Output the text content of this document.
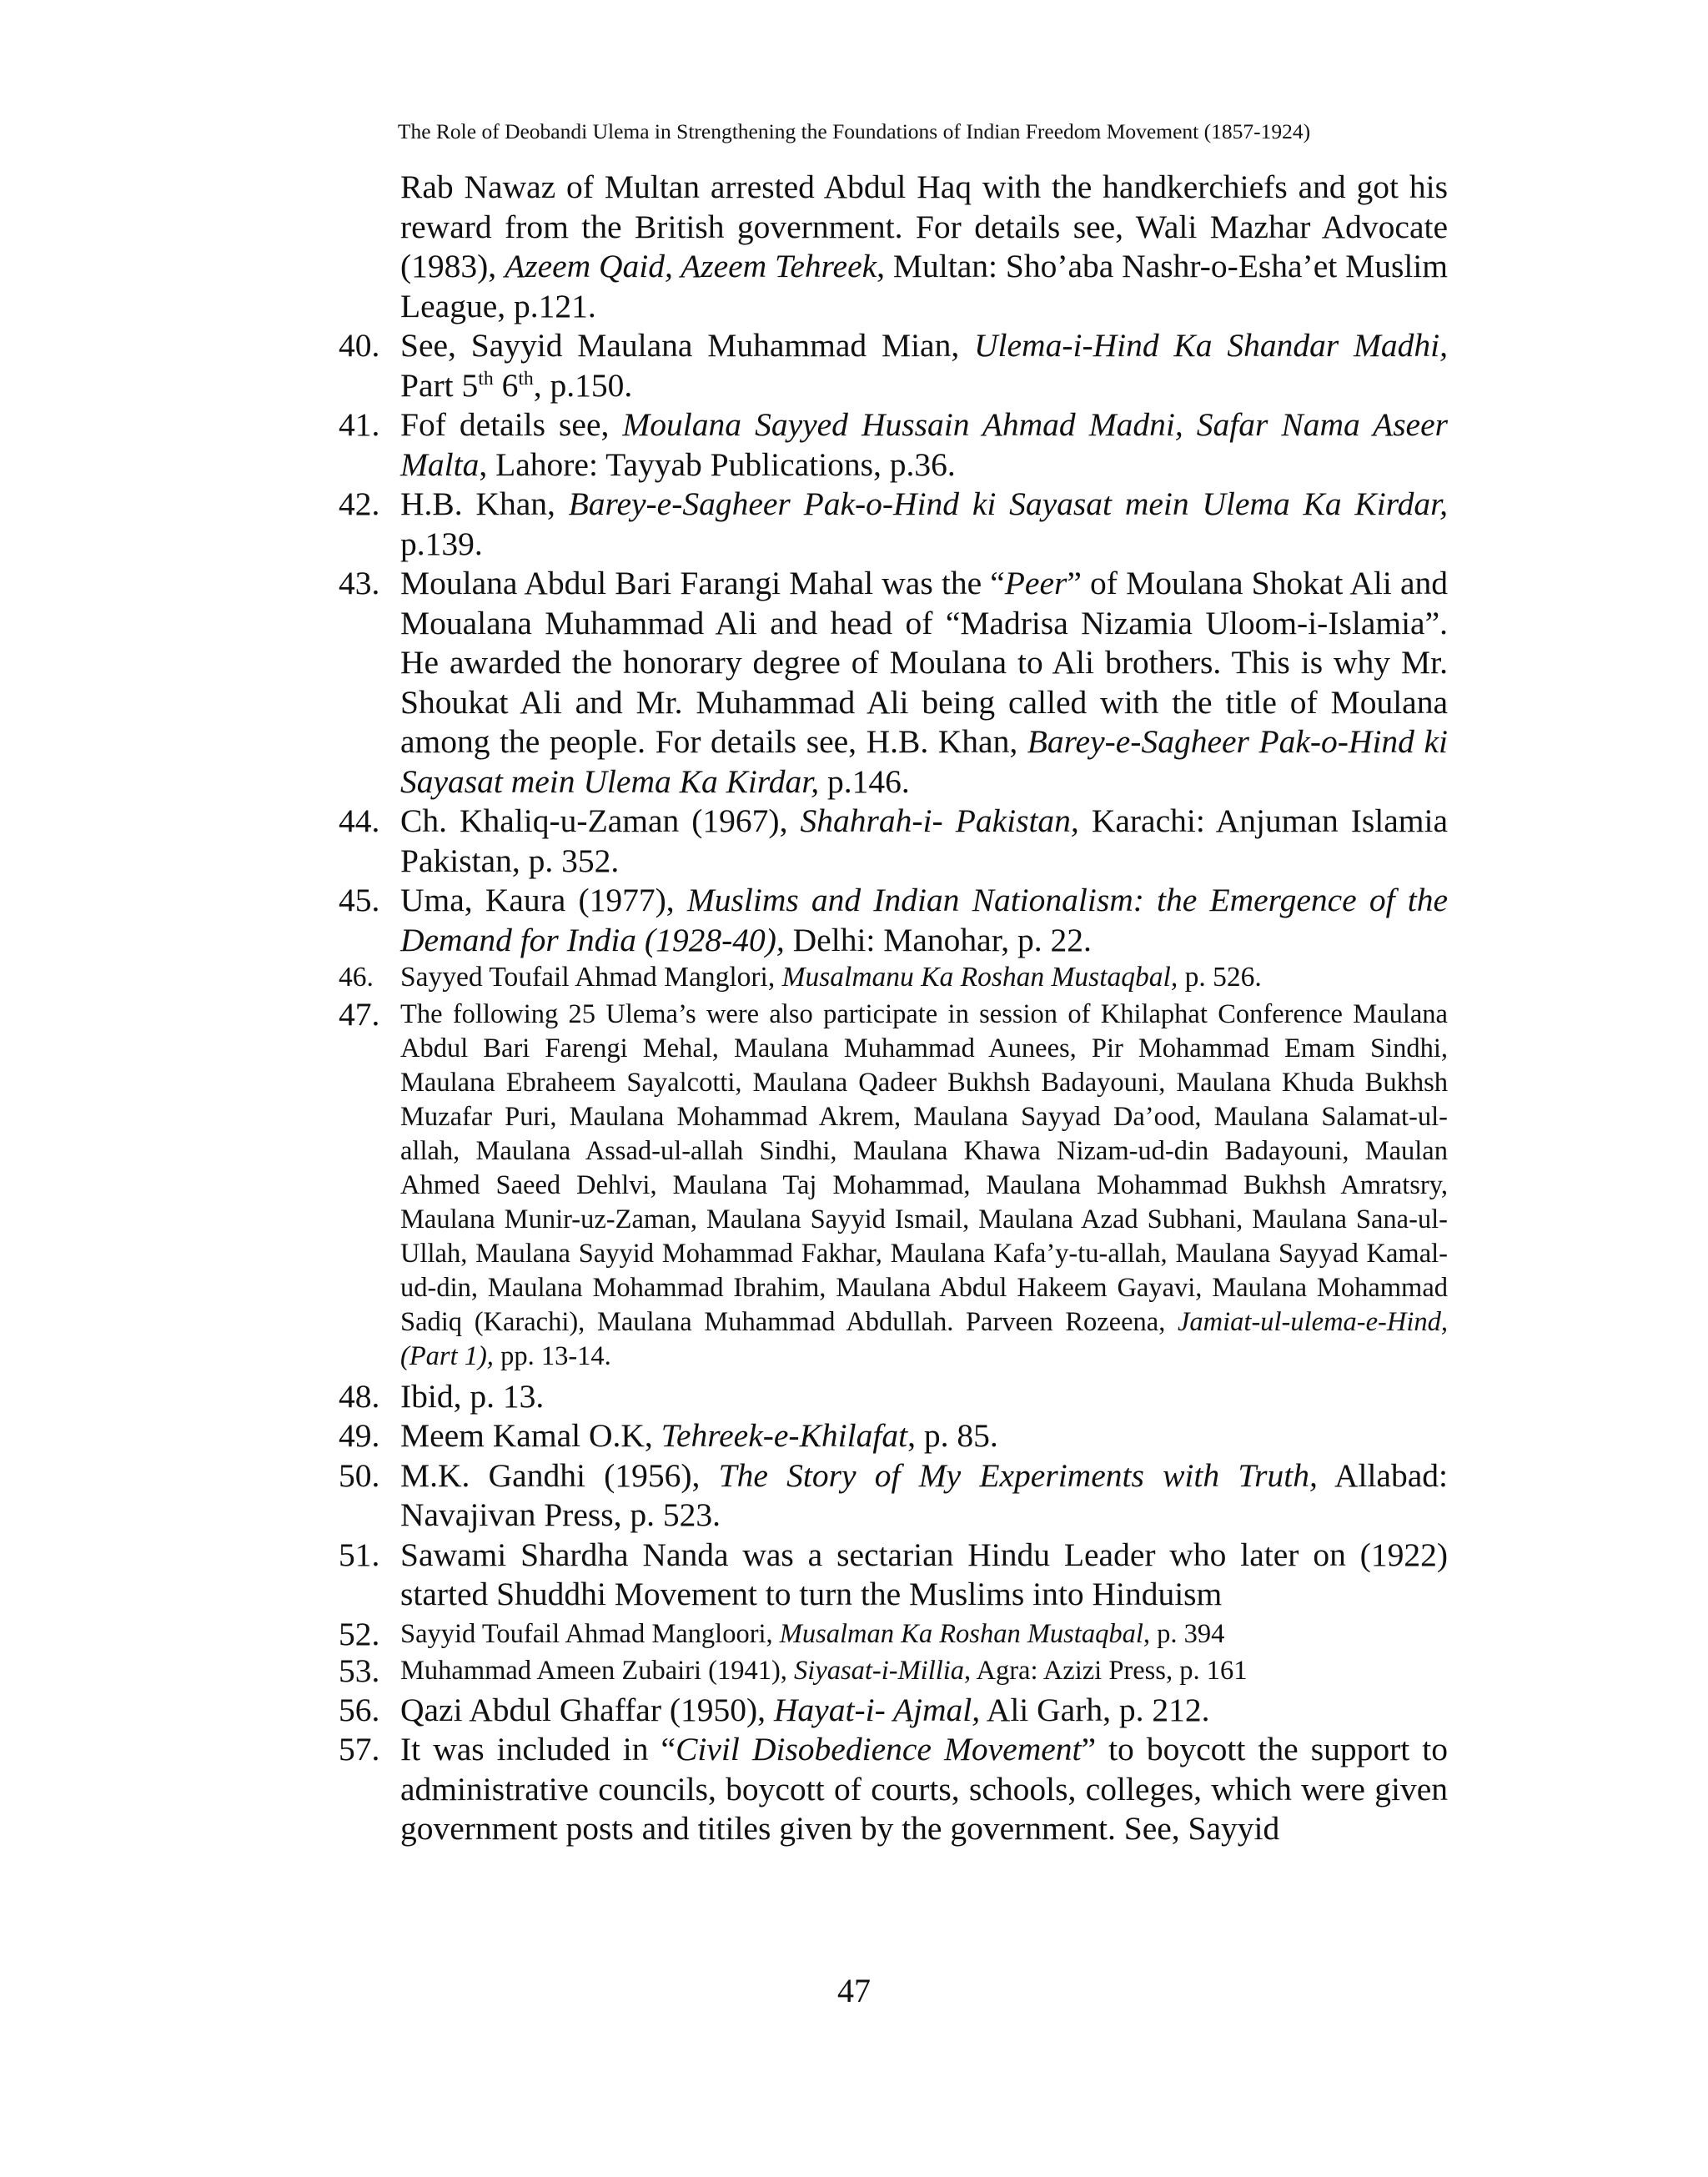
The Role of Deobandi Ulema in Strengthening the Foundations of Indian Freedom Movement (1857-1924)
Rab Nawaz of Multan arrested Abdul Haq with the handkerchiefs and got his reward from the British government. For details see, Wali Mazhar Advocate (1983), Azeem Qaid, Azeem Tehreek, Multan: Sho’aba Nashr-o-Esha’et Muslim League, p.121.
40. See, Sayyid Maulana Muhammad Mian, Ulema-i-Hind Ka Shandar Madhi, Part 5th 6th, p.150.
41. Fof details see, Moulana Sayyed Hussain Ahmad Madni, Safar Nama Aseer Malta, Lahore: Tayyab Publications, p.36.
42. H.B. Khan, Barey-e-Sagheer Pak-o-Hind ki Sayasat mein Ulema Ka Kirdar, p.139.
43. Moulana Abdul Bari Farangi Mahal was the “Peer” of Moulana Shokat Ali and Moualana Muhammad Ali and head of “Madrisa Nizamia Uloom-i-Islamia”. He awarded the honorary degree of Moulana to Ali brothers. This is why Mr. Shoukat Ali and Mr. Muhammad Ali being called with the title of Moulana among the people. For details see, H.B. Khan, Barey-e-Sagheer Pak-o-Hind ki Sayasat mein Ulema Ka Kirdar, p.146.
44. Ch. Khaliq-u-Zaman (1967), Shahrah-i- Pakistan, Karachi: Anjuman Islamia Pakistan, p. 352.
45. Uma, Kaura (1977), Muslims and Indian Nationalism: the Emergence of the Demand for India (1928-40), Delhi: Manohar, p. 22.
46. Sayyed Toufail Ahmad Manglori, Musalmanu Ka Roshan Mustaqbal, p. 526.
47. The following 25 Ulema’s were also participate in session of Khilaphat Conference Maulana Abdul Bari Farengi Mehal, Maulana Muhammad Aunees, Pir Mohammad Emam Sindhi, Maulana Ebraheem Sayalcotti, Maulana Qadeer Bukhsh Badayouni, Maulana Khuda Bukhsh Muzafar Puri, Maulana Mohammad Akrem, Maulana Sayyad Da’ood, Maulana Salamat-ul-allah, Maulana Assad-ul-allah Sindhi, Maulana Khawa Nizam-ud-din Badayouni, Maulan Ahmed Saeed Dehlvi, Maulana Taj Mohammad, Maulana Mohammad Bukhsh Amratsry, Maulana Munir-uz-Zaman, Maulana Sayyid Ismail, Maulana Azad Subhani, Maulana Sana-ul-Ullah, Maulana Sayyid Mohammad Fakhar, Maulana Kafa’y-tu-allah, Maulana Sayyad Kamal-ud-din, Maulana Mohammad Ibrahim, Maulana Abdul Hakeem Gayavi, Maulana Mohammad Sadiq (Karachi), Maulana Muhammad Abdullah. Parveen Rozeena, Jamiat-ul-ulema-e-Hind, (Part 1), pp. 13-14.
48. Ibid, p. 13.
49. Meem Kamal O.K, Tehreek-e-Khilafat, p. 85.
50. M.K. Gandhi (1956), The Story of My Experiments with Truth, Allabad: Navajivan Press, p. 523.
51. Sawami Shardha Nanda was a sectarian Hindu Leader who later on (1922) started Shuddhi Movement to turn the Muslims into Hinduism
52. Sayyid Toufail Ahmad Mangloori, Musalman Ka Roshan Mustaqbal, p. 394
53. Muhammad Ameen Zubairi (1941), Siyasat-i-Millia, Agra: Azizi Press, p. 161
56. Qazi Abdul Ghaffar (1950), Hayat-i- Ajmal, Ali Garh, p. 212.
57. It was included in “Civil Disobedience Movement” to boycott the support to administrative councils, boycott of courts, schools, colleges, which were given government posts and titiles given by the government. See, Sayyid
47
